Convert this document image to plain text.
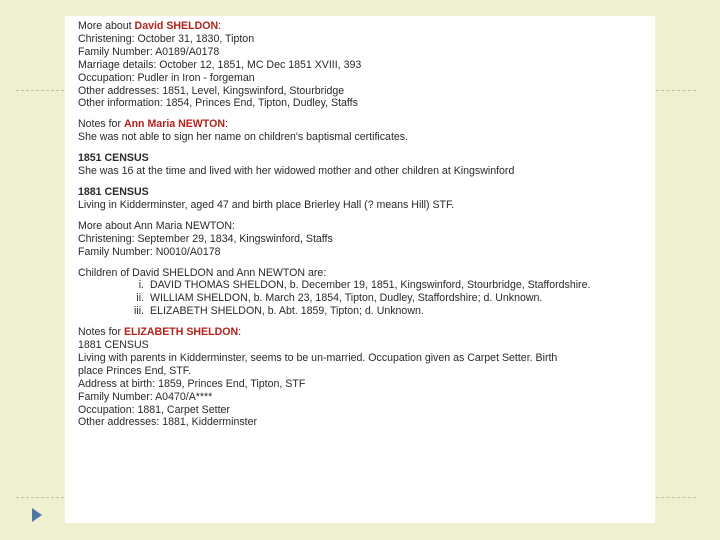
More about David SHELDON:
Christening: October 31, 1830, Tipton
Family Number: A0189/A0178
Marriage details: October 12, 1851, MC Dec 1851 XVIII, 393
Occupation: Pudler in Iron - forgeman
Other addresses: 1851, Level, Kingswinford, Stourbridge
Other information: 1854, Princes End, Tipton, Dudley, Staffs
Notes for Ann Maria NEWTON:
She was not able to sign her name on children's baptismal certificates.
1851 CENSUS
She was 16 at the time and lived with her widowed mother and other children at Kingswinford
1881 CENSUS
Living in Kidderminster, aged 47 and birth place Brierley Hall (? means Hill) STF.
More about Ann Maria NEWTON:
Christening: September 29, 1834, Kingswinford, Staffs
Family Number: N0010/A0178
Children of David SHELDON and Ann NEWTON are:
i. DAVID THOMAS SHELDON, b. December 19, 1851, Kingswinford, Stourbridge, Staffordshire.
ii. WILLIAM SHELDON, b. March 23, 1854, Tipton, Dudley, Staffordshire; d. Unknown.
iii. ELIZABETH SHELDON, b. Abt. 1859, Tipton; d. Unknown.
Notes for ELIZABETH SHELDON:
1881 CENSUS
Living with parents in Kidderminster, seems to be un-married. Occupation given as Carpet Setter. Birth
place Princes End, STF.
Address at birth: 1859, Princes End, Tipton, STF
Family Number: A0470/A****
Occupation: 1881, Carpet Setter
Other addresses: 1881, Kidderminster
